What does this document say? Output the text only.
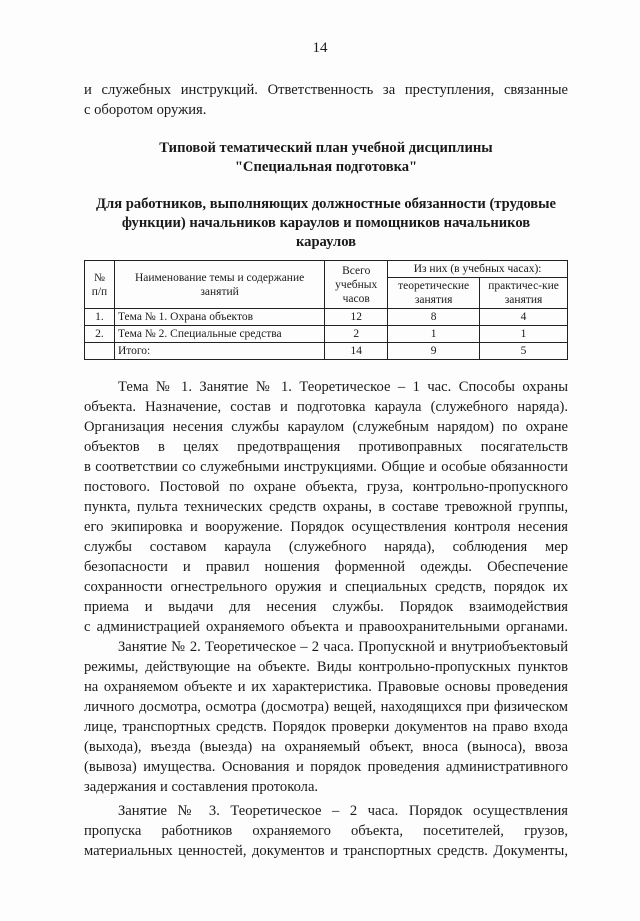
14
и служебных инструкций. Ответственность за преступления, связанные
с оборотом оружия.
Типовой тематический план учебной дисциплины
"Специальная подготовка"
Для работников, выполняющих должностные обязанности (трудовые
функции) начальников караулов и помощников начальников
караулов
№ п/п	Наименование темы и содержание занятий	Всего учебных часов	Из них (в учебных часах):	
			теоретические занятия	практичес-кие занятия
1.	Тема № 1. Охрана объектов	12	8	4
2.	Тема № 2. Специальные средства	2	1	1
	Итого:	14	9	5
Тема № 1. Занятие № 1. Теоретическое – 1 час. Способы охраны
объекта. Назначение, состав и подготовка караула (служебного наряда).
Организация несения службы караулом (служебным нарядом) по охране
объектов в целях предотвращения противоправных посягательств
в соответствии со служебными инструкциями. Общие и особые обязанности
постового. Постовой по охране объекта, груза, контрольно-пропускного
пункта, пульта технических средств охраны, в составе тревожной группы,
его экипировка и вооружение. Порядок осуществления контроля несения
службы составом караула (служебного наряда), соблюдения мер
безопасности и правил ношения форменной одежды. Обеспечение
сохранности огнестрельного оружия и специальных средств, порядок их
приема и выдачи для несения службы. Порядок взаимодействия
с администрацией охраняемого объекта и правоохранительными органами.
Занятие № 2. Теоретическое – 2 часа. Пропускной и внутриобъектовый
режимы, действующие на объекте. Виды контрольно-пропускных пунктов
на охраняемом объекте и их характеристика. Правовые основы проведения
личного досмотра, осмотра (досмотра) вещей, находящихся при физическом
лице, транспортных средств. Порядок проверки документов на право входа
(выхода), въезда (выезда) на охраняемый объект, вноса (выноса), ввоза
(вывоза) имущества. Основания и порядок проведения административного
задержания и составления протокола.
Занятие № 3. Теоретическое – 2 часа. Порядок осуществления
пропуска работников охраняемого объекта, посетителей, грузов,
материальных ценностей, документов и транспортных средств. Документы,
